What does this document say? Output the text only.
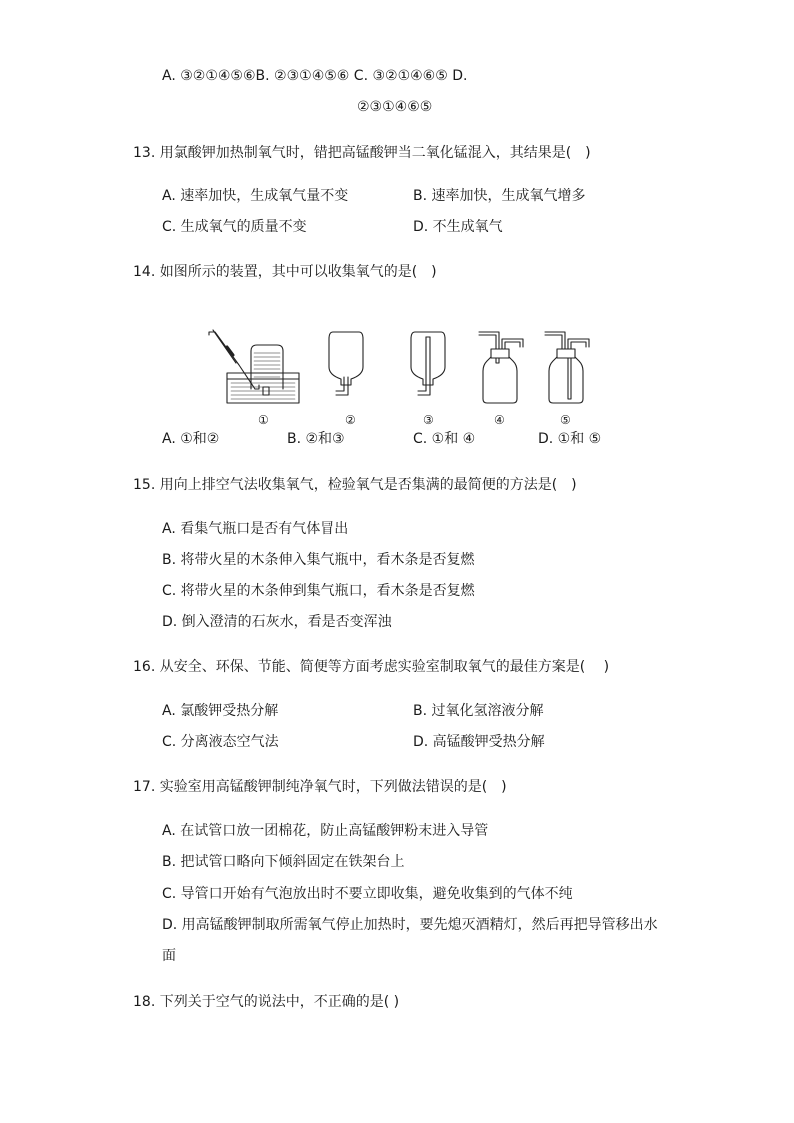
A. ③②①④⑤⑥B. ②③①④⑤⑥ C. ③②①④⑥⑤ D.
②③①④⑥⑤
13. 用氯酸钾加热制氧气时，错把高锰酸钾当二氧化锰混入，其结果是(　)
A. 速率加快，生成氧气量不变	B. 速率加快，生成氧气增多
C. 生成氧气的质量不变	D. 不生成氧气
14. 如图所示的装置，其中可以收集氧气的是(　)
①	②	③	④	⑤
A. ①和②	B. ②和③	C. ①和 ④	D. ①和 ⑤
15. 用向上排空气法收集氧气，检验氧气是否集满的最简便的方法是(　)
A. 看集气瓶口是否有气体冒出
B. 将带火星的木条伸入集气瓶中，看木条是否复燃
C. 将带火星的木条伸到集气瓶口，看木条是否复燃
D. 倒入澄清的石灰水，看是否变浑浊
16. 从安全、环保、节能、简便等方面考虑实验室制取氧气的最佳方案是(　 )
A. 氯酸钾受热分解	B. 过氧化氢溶液分解
C. 分离液态空气法	D. 高锰酸钾受热分解
17. 实验室用高锰酸钾制纯净氧气时，下列做法错误的是(　)
A. 在试管口放一团棉花，防止高锰酸钾粉末进入导管
B. 把试管口略向下倾斜固定在铁架台上
C. 导管口开始有气泡放出时不要立即收集，避免收集到的气体不纯
D. 用高锰酸钾制取所需氧气停止加热时，要先熄灭酒精灯，然后再把导管移出水
面
18. 下列关于空气的说法中，不正确的是( )
